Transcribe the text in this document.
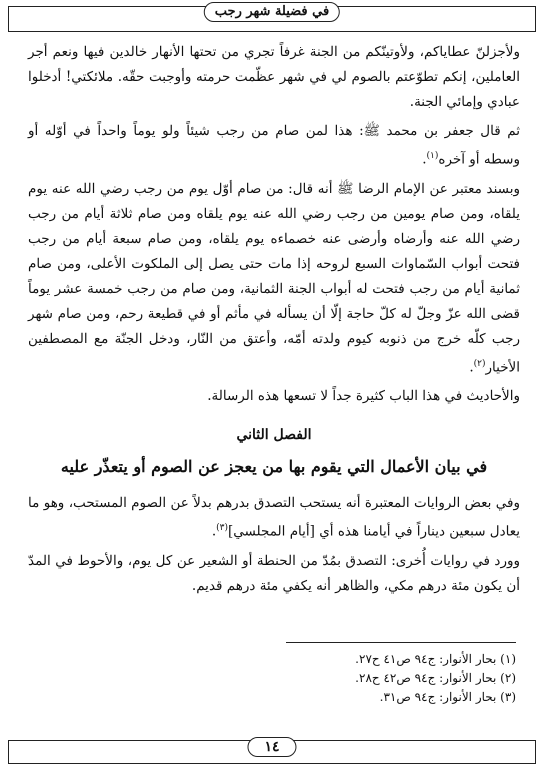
في فضيلة شهر رجب

ولأجزلنّ عطاياكم، ولأوتينّكم من الجنة غرفاً تجري من تحتها الأنهار خالدين فيها ونعم أجر العاملين، إنكم تطوّعتم بالصوم لي في شهر عظّمت حرمته وأوجبت حقّه. ملائكتي! أدخلوا عبادي وإمائي الجنة.

ثم قال جعفر بن محمد ﷺ: هذا لمن صام من رجب شيئاً ولو يوماً واحداً في أوّله أو وسطه أو آخره$^{(١)}$.

وبسند معتبر عن الإمام الرضا ﷺ أنه قال: من صام أوّل يوم من رجب رضي الله عنه يوم يلقاه، ومن صام يومين من رجب رضي الله عنه يوم يلقاه ومن صام ثلاثة أيام من رجب رضي الله عنه وأرضاه وأرضى عنه خصماءه يوم يلقاه، ومن صام سبعة أيام من رجب فتحت أبواب السّماوات السبع لروحه إذا مات حتى يصل إلى الملكوت الأعلى، ومن صام ثمانية أيام من رجب فتحت له أبواب الجنة الثمانية، ومن صام من رجب خمسة عشر يوماً قضى الله عزّ وجلّ له كلّ حاجة إلّا أن يسأله في مأثم أو في قطيعة رحم، ومن صام شهر رجب كلّه خرج من ذنوبه كيوم ولدته أمّه، وأعتق من النّار، ودخل الجنّة مع المصطفين الأخيار$^{(٢)}$.

والأحاديث في هذا الباب كثيرة جداً لا تسعها هذه الرسالة.

الفصل الثاني
في بيان الأعمال التي يقوم بها من يعجز عن الصوم أو يتعذّر عليه

وفي بعض الروايات المعتبرة أنه يستحب التصدق بدرهم بدلاً عن الصوم المستحب، وهو ما يعادل سبعين ديناراً في أيامنا هذه أي [أيام المجلسي]$^{(٣)}$.

وورد في روايات أُخرى: التصدق بمُدّ من الحنطة أو الشعير عن كل يوم، والأحوط في المدّ أن يكون مئة درهم مكي، والظاهر أنه يكفي مئة درهم قديم.

(١) بحار الأنوار: ج٩٤ ص٤١ ح٢٧.
(٢) بحار الأنوار: ج٩٤ ص٤٢ ح٢٨.
(٣) بحار الأنوار: ج٩٤ ص٣١.
١٤
